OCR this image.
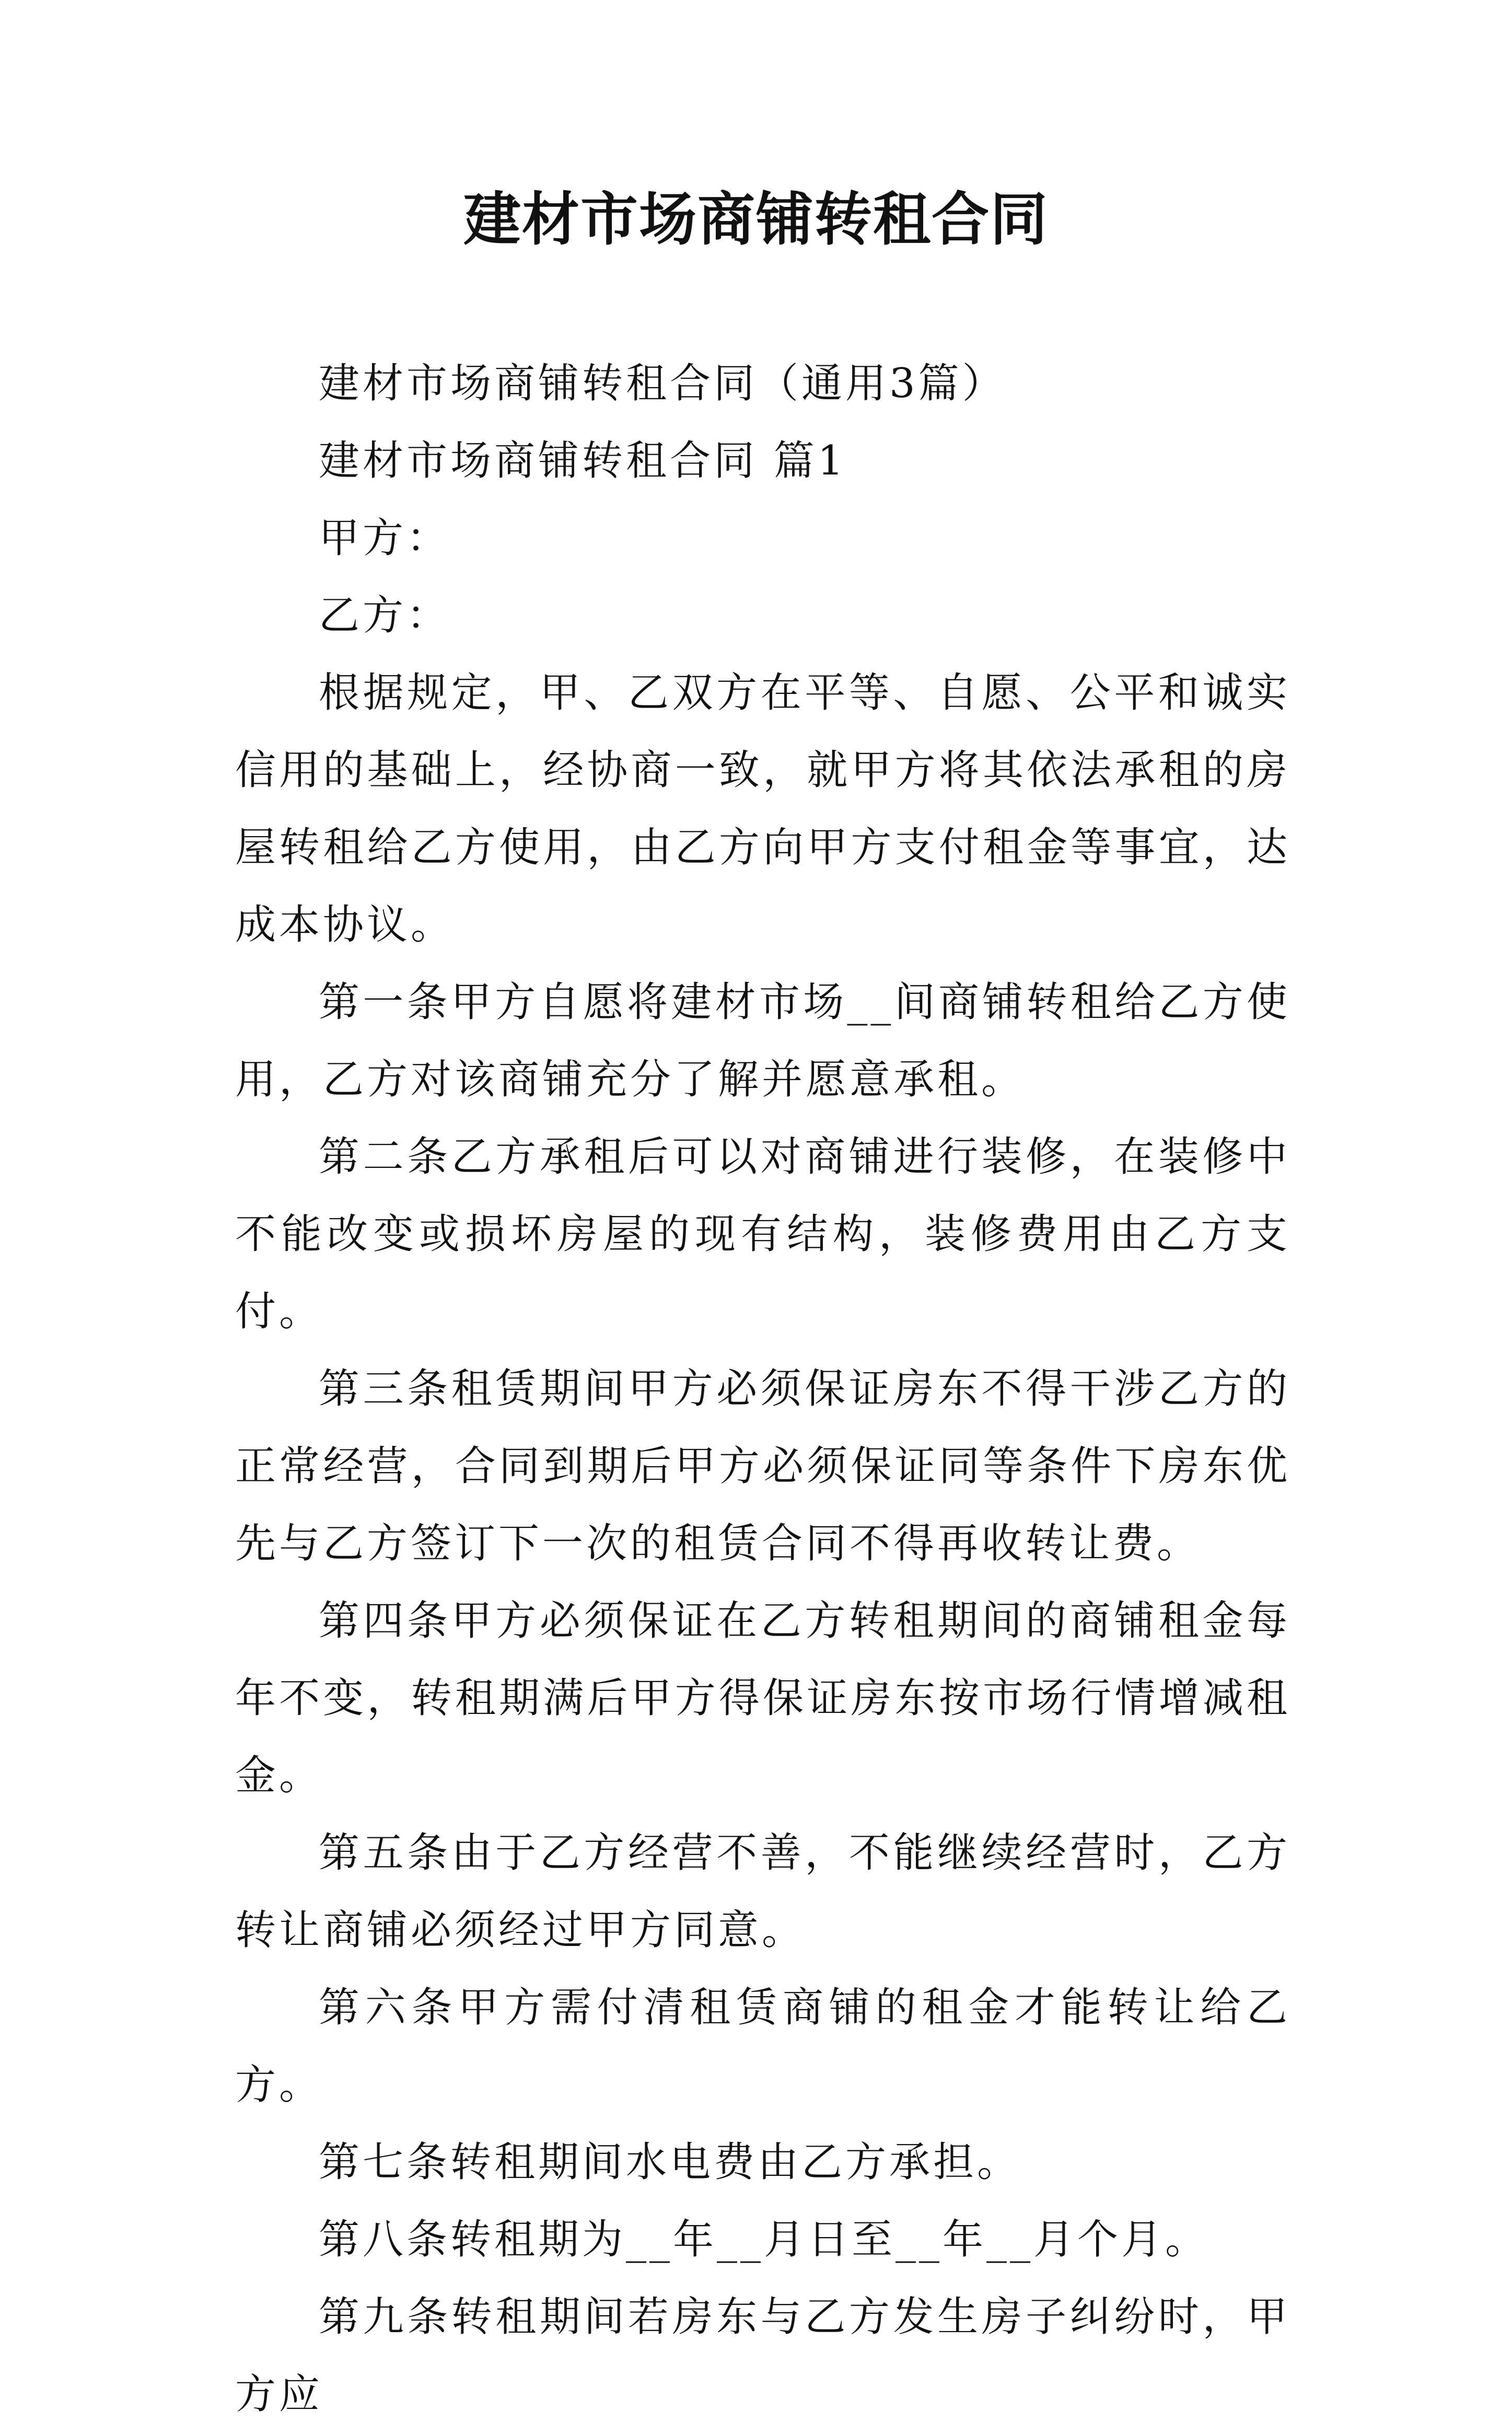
建材市场商铺转租合同

建材市场商铺转租合同（通用3篇）

建材市场商铺转租合同 篇1

甲方：

乙方：

根据规定，甲、乙双方在平等、自愿、公平和诚实信用的基础上，经协商一致，就甲方将其依法承租的房屋转租给乙方使用，由乙方向甲方支付租金等事宜，达成本协议。

第一条甲方自愿将建材市场__间商铺转租给乙方使用，乙方对该商铺充分了解并愿意承租。

第二条乙方承租后可以对商铺进行装修，在装修中不能改变或损坏房屋的现有结构，装修费用由乙方支付。

第三条租赁期间甲方必须保证房东不得干涉乙方的正常经营，合同到期后甲方必须保证同等条件下房东优先与乙方签订下一次的租赁合同不得再收转让费。

第四条甲方必须保证在乙方转租期间的商铺租金每年不变，转租期满后甲方得保证房东按市场行情增减租金。

第五条由于乙方经营不善，不能继续经营时，乙方转让商铺必须经过甲方同意。

第六条甲方需付清租赁商铺的租金才能转让给乙方。

第七条转租期间水电费由乙方承担。

第八条转租期为__年__月日至__年__月个月。

第九条转租期间若房东与乙方发生房子纠纷时，甲方应
